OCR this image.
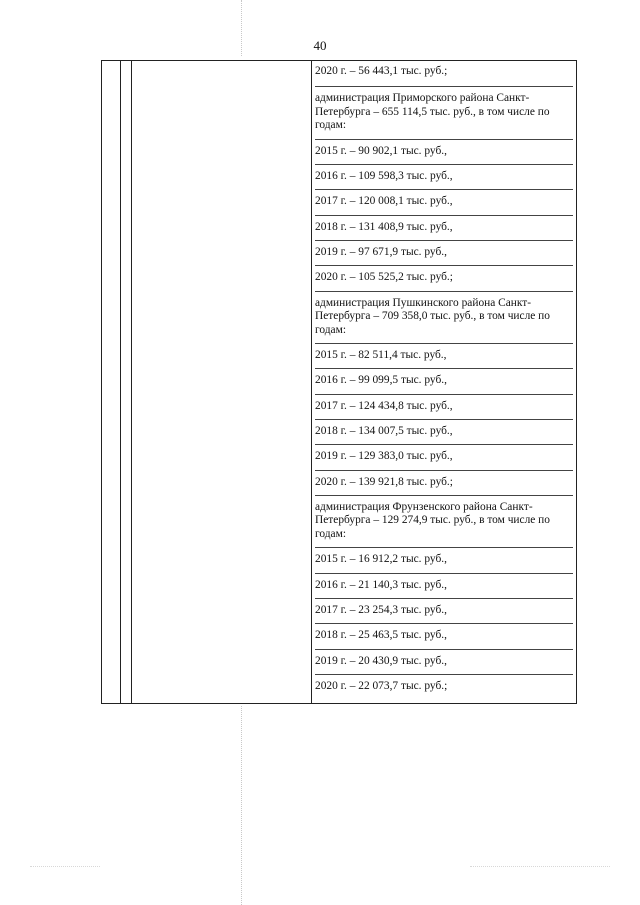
40
2020 г. – 56 443,1 тыс. руб.;
администрация Приморского района Санкт-Петербурга – 655 114,5 тыс. руб., в том числе по годам:
2015 г. – 90 902,1 тыс. руб.,
2016 г. – 109 598,3 тыс. руб.,
2017 г. – 120 008,1 тыс. руб.,
2018 г. – 131 408,9 тыс. руб.,
2019 г. – 97 671,9 тыс. руб.,
2020 г. – 105 525,2 тыс. руб.;
администрация Пушкинского района Санкт-Петербурга – 709 358,0 тыс. руб., в том числе по годам:
2015 г. – 82 511,4 тыс. руб.,
2016 г. – 99 099,5 тыс. руб.,
2017 г. – 124 434,8 тыс. руб.,
2018 г. – 134 007,5 тыс. руб.,
2019 г. – 129 383,0 тыс. руб.,
2020 г. – 139 921,8 тыс. руб.;
администрация Фрунзенского района Санкт-Петербурга – 129 274,9 тыс. руб., в том числе по годам:
2015 г. – 16 912,2 тыс. руб.,
2016 г. – 21 140,3 тыс. руб.,
2017 г. – 23 254,3 тыс. руб.,
2018 г. – 25 463,5 тыс. руб.,
2019 г. – 20 430,9 тыс. руб.,
2020 г. – 22 073,7 тыс. руб.;
